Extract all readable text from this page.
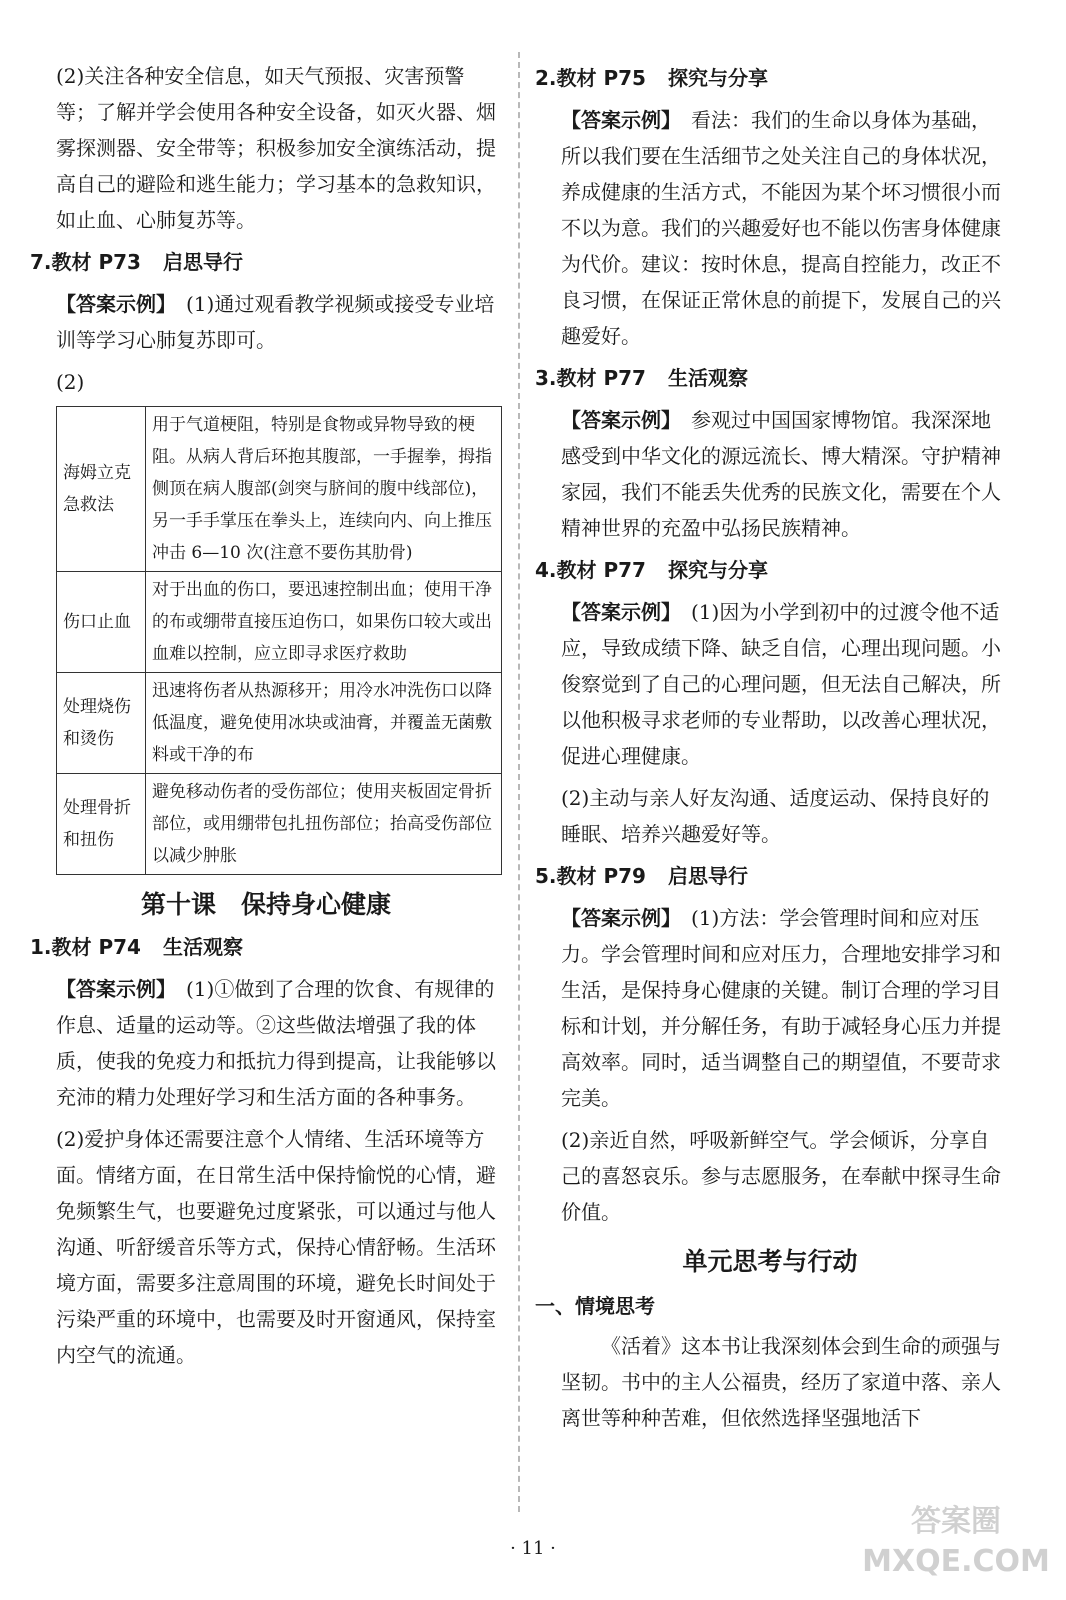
(2)关注各种安全信息，如天气预报、灾害预警等；了解并学会使用各种安全设备，如灭火器、烟雾探测器、安全带等；积极参加安全演练活动，提高自己的避险和逃生能力；学习基本的急救知识，如止血、心肺复苏等。

7.教材 P73 启思导行

【答案示例】 (1)通过观看教学视频或接受专业培训等学习心肺复苏即可。

(2)

海姆立克急救法	用于气道梗阻，特别是食物或异物导致的梗阻。从病人背后环抱其腹部，一手握拳，拇指侧顶在病人腹部(剑突与脐间的腹中线部位)，另一手手掌压在拳头上，连续向内、向上推压冲击 6—10 次(注意不要伤其肋骨)
伤口止血	对于出血的伤口，要迅速控制出血；使用干净的布或绷带直接压迫伤口，如果伤口较大或出血难以控制，应立即寻求医疗救助
处理烧伤和烫伤	迅速将伤者从热源移开；用冷水冲洗伤口以降低温度，避免使用冰块或油膏，并覆盖无菌敷料或干净的布
处理骨折和扭伤	避免移动伤者的受伤部位；使用夹板固定骨折部位，或用绷带包扎扭伤部位；抬高受伤部位以减少肿胀
第十课　保持身心健康
1.教材 P74 生活观察

【答案示例】 (1)①做到了合理的饮食、有规律的作息、适量的运动等。②这些做法增强了我的体质，使我的免疫力和抵抗力得到提高，让我能够以充沛的精力处理好学习和生活方面的各种事务。

(2)爱护身体还需要注意个人情绪、生活环境等方面。情绪方面，在日常生活中保持愉悦的心情，避免频繁生气，也要避免过度紧张，可以通过与他人沟通、听舒缓音乐等方式，保持心情舒畅。生活环境方面，需要多注意周围的环境，避免长时间处于污染严重的环境中，也需要及时开窗通风，保持室内空气的流通。

2.教材 P75 探究与分享

【答案示例】 看法：我们的生命以身体为基础，所以我们要在生活细节之处关注自己的身体状况，养成健康的生活方式，不能因为某个坏习惯很小而不以为意。我们的兴趣爱好也不能以伤害身体健康为代价。建议：按时休息，提高自控能力，改正不良习惯，在保证正常休息的前提下，发展自己的兴趣爱好。

3.教材 P77 生活观察

【答案示例】 参观过中国国家博物馆。我深深地感受到中华文化的源远流长、博大精深。守护精神家园，我们不能丢失优秀的民族文化，需要在个人精神世界的充盈中弘扬民族精神。

4.教材 P77 探究与分享

【答案示例】 (1)因为小学到初中的过渡令他不适应，导致成绩下降、缺乏自信，心理出现问题。小俊察觉到了自己的心理问题，但无法自己解决，所以他积极寻求老师的专业帮助，以改善心理状况，促进心理健康。

(2)主动与亲人好友沟通、适度运动、保持良好的睡眠、培养兴趣爱好等。

5.教材 P79 启思导行

【答案示例】 (1)方法：学会管理时间和应对压力。学会管理时间和应对压力，合理地安排学习和生活，是保持身心健康的关键。制订合理的学习目标和计划，并分解任务，有助于减轻身心压力并提高效率。同时，适当调整自己的期望值，不要苛求完美。

(2)亲近自然，呼吸新鲜空气。学会倾诉，分享自己的喜怒哀乐。参与志愿服务，在奉献中探寻生命价值。

单元思考与行动
一、情境思考

《活着》这本书让我深刻体会到生命的顽强与坚韧。书中的主人公福贵，经历了家道中落、亲人离世等种种苦难，但依然选择坚强地活下

· 11 ·
答案圈
MXQE.COM
